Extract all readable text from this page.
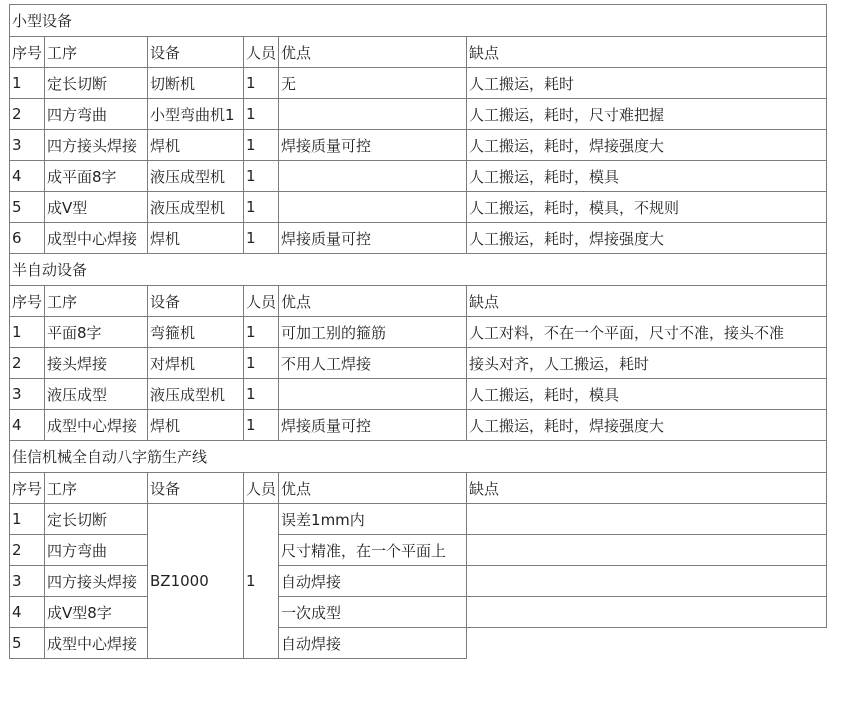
小型设备					
序号	工序	设备	人员	优点	缺点
1	定长切断	切断机	1	无	人工搬运，耗时
2	四方弯曲	小型弯曲机1	1		人工搬运，耗时，尺寸难把握
3	四方接头焊接	焊机	1	焊接质量可控	人工搬运，耗时，焊接强度大
4	成平面8字	液压成型机	1		人工搬运，耗时，模具
5	成V型	液压成型机	1		人工搬运，耗时，模具，不规则
6	成型中心焊接	焊机	1	焊接质量可控	人工搬运，耗时，焊接强度大
半自动设备					
序号	工序	设备	人员	优点	缺点
1	平面8字	弯箍机	1	可加工别的箍筋	人工对料，不在一个平面，尺寸不准，接头不准
2	接头焊接	对焊机	1	不用人工焊接	接头对齐，人工搬运，耗时
3	液压成型	液压成型机	1		人工搬运，耗时，模具
4	成型中心焊接	焊机	1	焊接质量可控	人工搬运，耗时，焊接强度大
佳信机械全自动八字筋生产线					
序号	工序	设备	人员	优点	缺点
1	定长切断	BZ1000	1	误差1mm内	
2	四方弯曲			尺寸精准，在一个平面上	
3	四方接头焊接			自动焊接	
4	成V型8字			一次成型	
5	成型中心焊接			自动焊接	
